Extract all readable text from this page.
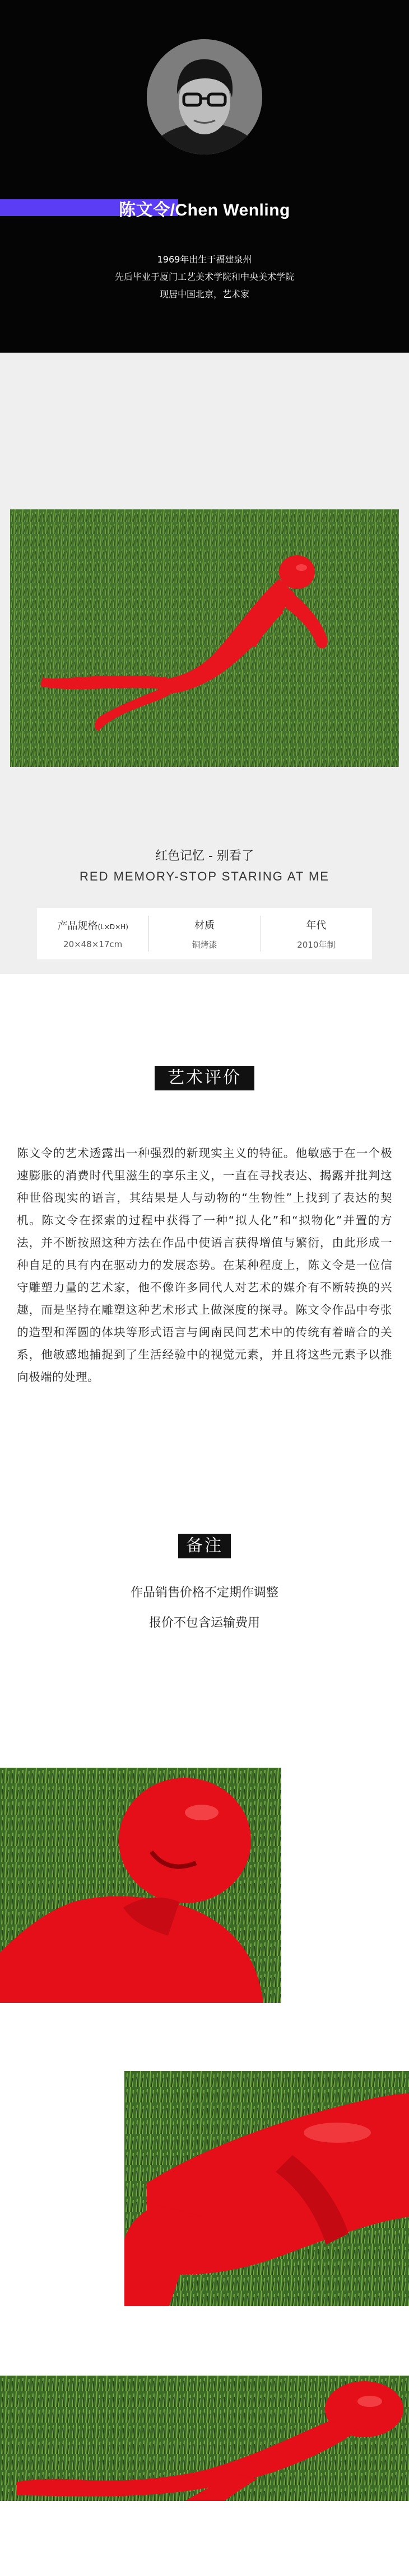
陈文令/Chen Wenling
1969年出生于福建泉州
先后毕业于厦门工艺美术学院和中央美术学院
现居中国北京，艺术家
红色记忆 - 别看了
RED MEMORY-STOP STARING AT ME
产品规格(L×D×H)
20×48×17cm
材质
铜烤漆
年代
2010年制
艺术评价

陈文令的艺术透露出一种强烈的新现实主义的特征。他敏感于在一个极速膨胀的消费时代里滋生的享乐主义，一直在寻找表达、揭露并批判这种世俗现实的语言，其结果是人与动物的“生物性”上找到了表达的契机。陈文令在探索的过程中获得了一种“拟人化”和“拟物化”并置的方法，并不断按照这种方法在作品中使语言获得增值与繁衍，由此形成一种自足的具有内在驱动力的发展态势。在某种程度上，陈文令是一位信守雕塑力量的艺术家，他不像许多同代人对艺术的媒介有不断转换的兴趣，而是坚持在雕塑这种艺术形式上做深度的探寻。陈文令作品中夸张的造型和浑圆的体块等形式语言与闽南民间艺术中的传统有着暗合的关系，他敏感地捕捉到了生活经验中的视觉元素，并且将这些元素予以推向极端的处理。

备注
作品销售价格不定期作调整
报价不包含运输费用
